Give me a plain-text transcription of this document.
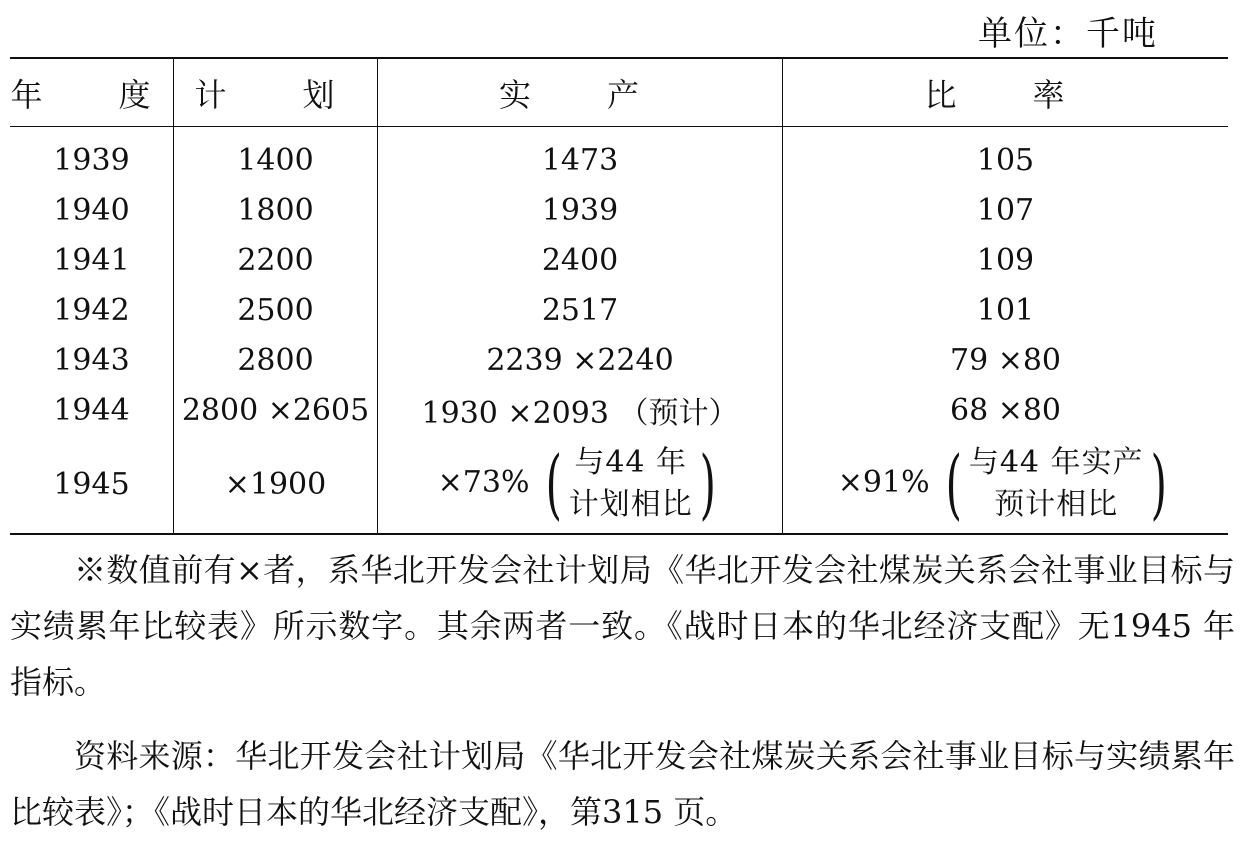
单位：千吨
年　度	计　划	实　产	比　率
1939	1400	1473	105
1940	1800	1939	107
1941	2200	2400	109
1942	2500	2517	101
1943	2800	2239 ×2240	79 ×80
1944	2800 ×2605	1930 ×2093 （预计）	68 ×80
1945	×1900	×73% ( 与44 年
计划相比 )	×91% ( 与44 年实产
预计相比 )
※数值前有×者，系华北开发会社计划局《华北开发会社煤炭关系会社事业目标与实绩累年比较表》所示数字。其余两者一致。《战时日本的华北经济支配》无1945 年指标。
资料来源：华北开发会社计划局《华北开发会社煤炭关系会社事业目标与实绩累年比较表》；《战时日本的华北经济支配》，第315 页。
